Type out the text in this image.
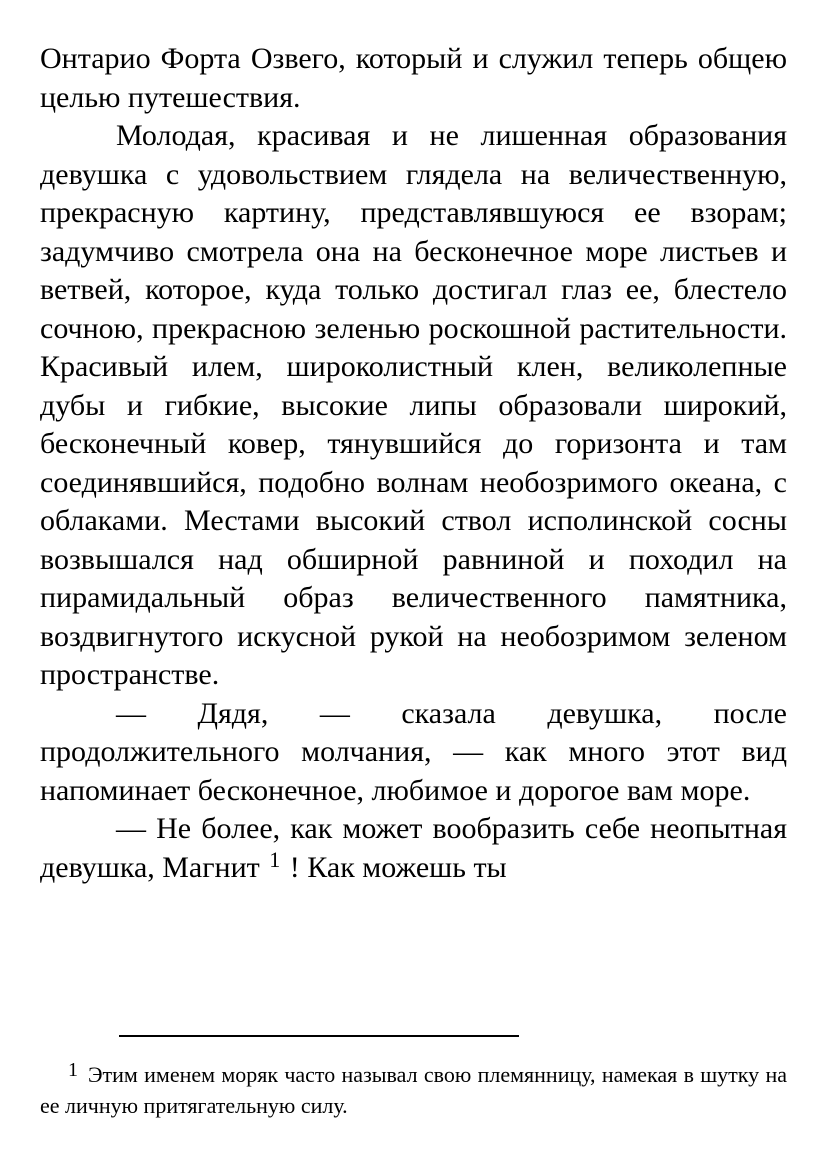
Онтарио Форта Озвего, который и служил теперь общею целью путешествия.

Молодая, красивая и не лишенная образования девушка с удовольствием глядела на величественную, прекрасную картину, представлявшуюся ее взорам; задумчиво смотрела она на бесконечное море листьев и ветвей, которое, куда только достигал глаз ее, блестело сочною, прекрасною зеленью роскошной растительности. Красивый илем, широколистный клен, великолепные дубы и гибкие, высокие липы образовали широкий, бесконечный ковер, тянувшийся до горизонта и там соединявшийся, подобно волнам необозримого океана, с облаками. Местами высокий ствол исполинской сосны возвышался над обширной равниной и походил на пирамидальный образ величественного памятника, воздвигнутого искусной рукой на необозримом зеленом пространстве.

— Дядя, — сказала девушка, после продолжительного молчания, — как много этот вид напоминает бесконечное, любимое и дорогое вам море.

— Не более, как может вообразить себе неопытная девушка, Магнит $^1$ ! Как можешь ты

1 Этим именем моряк часто называл свою племянницу, намекая в шутку на ее личную притягательную силу.
